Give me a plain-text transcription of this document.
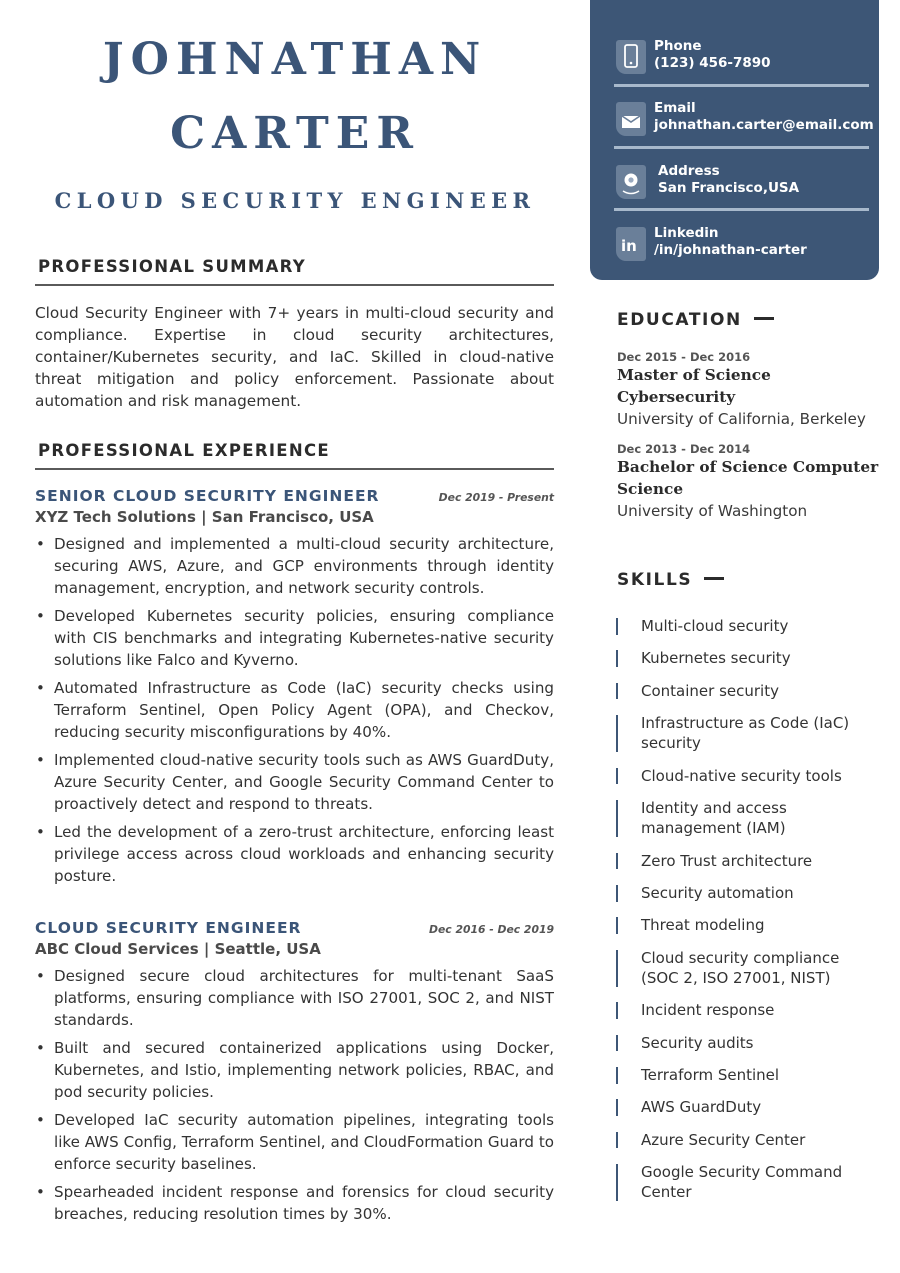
JOHNATHAN
CARTER
CLOUD SECURITY ENGINEER
PROFESSIONAL SUMMARY
Cloud Security Engineer with 7+ years in multi-cloud security and compliance. Expertise in cloud security architectures, container/Kubernetes security, and IaC. Skilled in cloud-native threat mitigation and policy enforcement. Passionate about automation and risk management.
PROFESSIONAL EXPERIENCE
SENIOR CLOUD SECURITY ENGINEER	Dec 2019 - Present
XYZ Tech Solutions | San Francisco, USA
• Designed and implemented a multi-cloud security architecture, securing AWS, Azure, and GCP environments through identity management, encryption, and network security controls.
• Developed Kubernetes security policies, ensuring compliance with CIS benchmarks and integrating Kubernetes-native security solutions like Falco and Kyverno.
• Automated Infrastructure as Code (IaC) security checks using Terraform Sentinel, Open Policy Agent (OPA), and Checkov, reducing security misconfigurations by 40%.
• Implemented cloud-native security tools such as AWS GuardDuty, Azure Security Center, and Google Security Command Center to proactively detect and respond to threats.
• Led the development of a zero-trust architecture, enforcing least privilege access across cloud workloads and enhancing security posture.
CLOUD SECURITY ENGINEER	Dec 2016 - Dec 2019
ABC Cloud Services | Seattle, USA
• Designed secure cloud architectures for multi-tenant SaaS platforms, ensuring compliance with ISO 27001, SOC 2, and NIST standards.
• Built and secured containerized applications using Docker, Kubernetes, and Istio, implementing network policies, RBAC, and pod security policies.
• Developed IaC security automation pipelines, integrating tools like AWS Config, Terraform Sentinel, and CloudFormation Guard to enforce security baselines.
• Spearheaded incident response and forensics for cloud security breaches, reducing resolution times by 30%.
Phone
(123) 456-7890
Email
johnathan.carter@email.com
Address
San Francisco,USA
in
Linkedin
/in/johnathan-carter
EDUCATION
Dec 2015 - Dec 2016
Master of Science Cybersecurity
University of California, Berkeley
Dec 2013 - Dec 2014
Bachelor of Science Computer Science
University of Washington
SKILLS
Multi-cloud security
Kubernetes security
Container security
Infrastructure as Code (IaC) security
Cloud-native security tools
Identity and access management (IAM)
Zero Trust architecture
Security automation
Threat modeling
Cloud security compliance (SOC 2, ISO 27001, NIST)
Incident response
Security audits
Terraform Sentinel
AWS GuardDuty
Azure Security Center
Google Security Command Center
